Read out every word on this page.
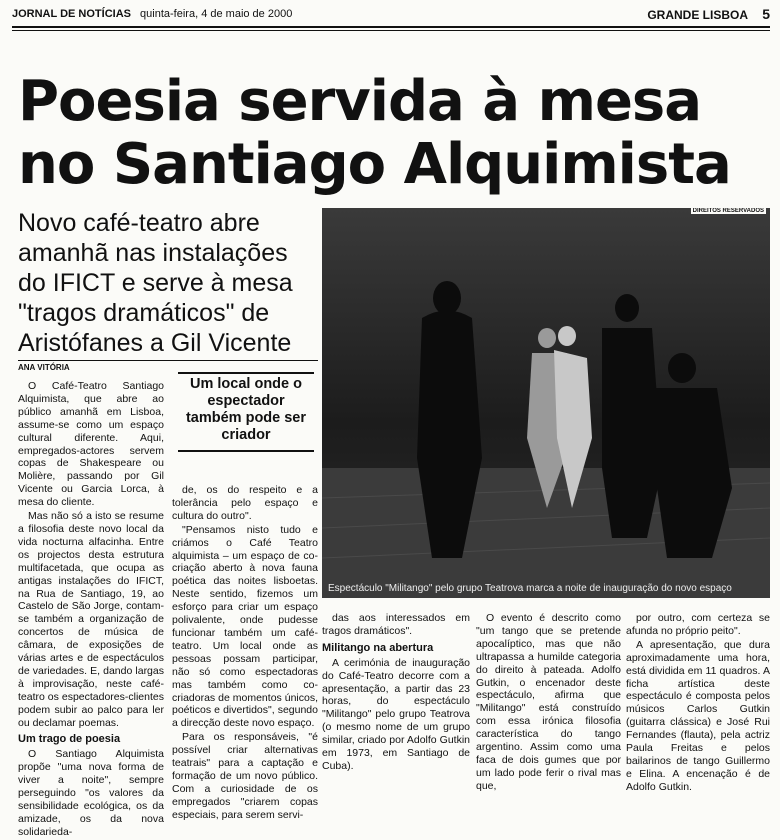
JORNAL DE NOTÍCIAS quinta-feira, 4 de maio de 2000	GRANDE LISBOA 5
Poesia servida à mesa
no Santiago Alquimista
Novo café-teatro abre amanhã nas instalações do IFICT e serve à mesa "tragos dramáticos" de Aristófanes a Gil Vicente
ANA VITÓRIA
DIREITOS RESERVADOS
Espectáculo "Militango" pelo grupo Teatrova marca a noite de inauguração do novo espaço
Um local onde o espectador também pode ser criador

O Café-Teatro Santiago Alquimista, que abre ao público amanhã em Lisboa, assume-se como um espaço cultural diferente. Aqui, empregados-actores servem copas de Shakespeare ou Molière, passando por Gil Vicente ou Garcia Lorca, à mesa do cliente.

Mas não só a isto se resume a filosofia deste novo local da vida nocturna alfacinha. Entre os projectos desta estrutura multifacetada, que ocupa as antigas instalações do IFICT, na Rua de Santiago, 19, ao Castelo de São Jorge, contam-se também a organização de concertos de música de câmara, de exposições de várias artes e de espectáculos de variedades. E, dando largas à improvisação, neste café-teatro os espectadores-clientes podem subir ao palco para ler ou declamar poemas.

Um trago de poesia

O Santiago Alquimista propõe "uma nova forma de viver a noite", sempre perseguindo "os valores da sensibilidade ecológica, os da amizade, os da nova solidarieda-

de, os do respeito e a tolerância pelo espaço e cultura do outro".

"Pensamos nisto tudo e criámos o Café Teatro alquimista – um espaço de co-criação aberto à nova fauna poética das noites lisboetas. Neste sentido, fizemos um esforço para criar um espaço polivalente, onde pudesse funcionar também um café-teatro. Um local onde as pessoas possam participar, não só como espectadoras mas também como co-criadoras de momentos únicos, poéticos e divertidos", segundo a direcção deste novo espaço.

Para os responsáveis, "é possível criar alternativas teatrais" para a captação e formação de um novo público. Com a curiosidade de os empregados "criarem copas especiais, para serem servi-

das aos interessados em tragos dramáticos".

Militango na abertura

A cerimónia de inauguração do Café-Teatro decorre com a apresentação, a partir das 23 horas, do espectáculo "Militango" pelo grupo Teatrova (o mesmo nome de um grupo similar, criado por Adolfo Gutkin em 1973, em Santiago de Cuba).

O evento é descrito como "um tango que se pretende apocalíptico, mas que não ultrapassa a humilde categoria do direito à pateada. Adolfo Gutkin, o encenador deste espectáculo, afirma que "Militango" está construído com essa irónica filosofia característica do tango argentino. Assim como uma faca de dois gumes que por um lado pode ferir o rival mas que,

por outro, com certeza se afunda no próprio peito".

A apresentação, que dura aproximadamente uma hora, está dividida em 11 quadros. A ficha artística deste espectáculo é composta pelos músicos Carlos Gutkin (guitarra clássica) e José Rui Fernandes (flauta), pela actriz Paula Freitas e pelos bailarinos de tango Guillermo e Elina. A encenação é de Adolfo Gutkin.
